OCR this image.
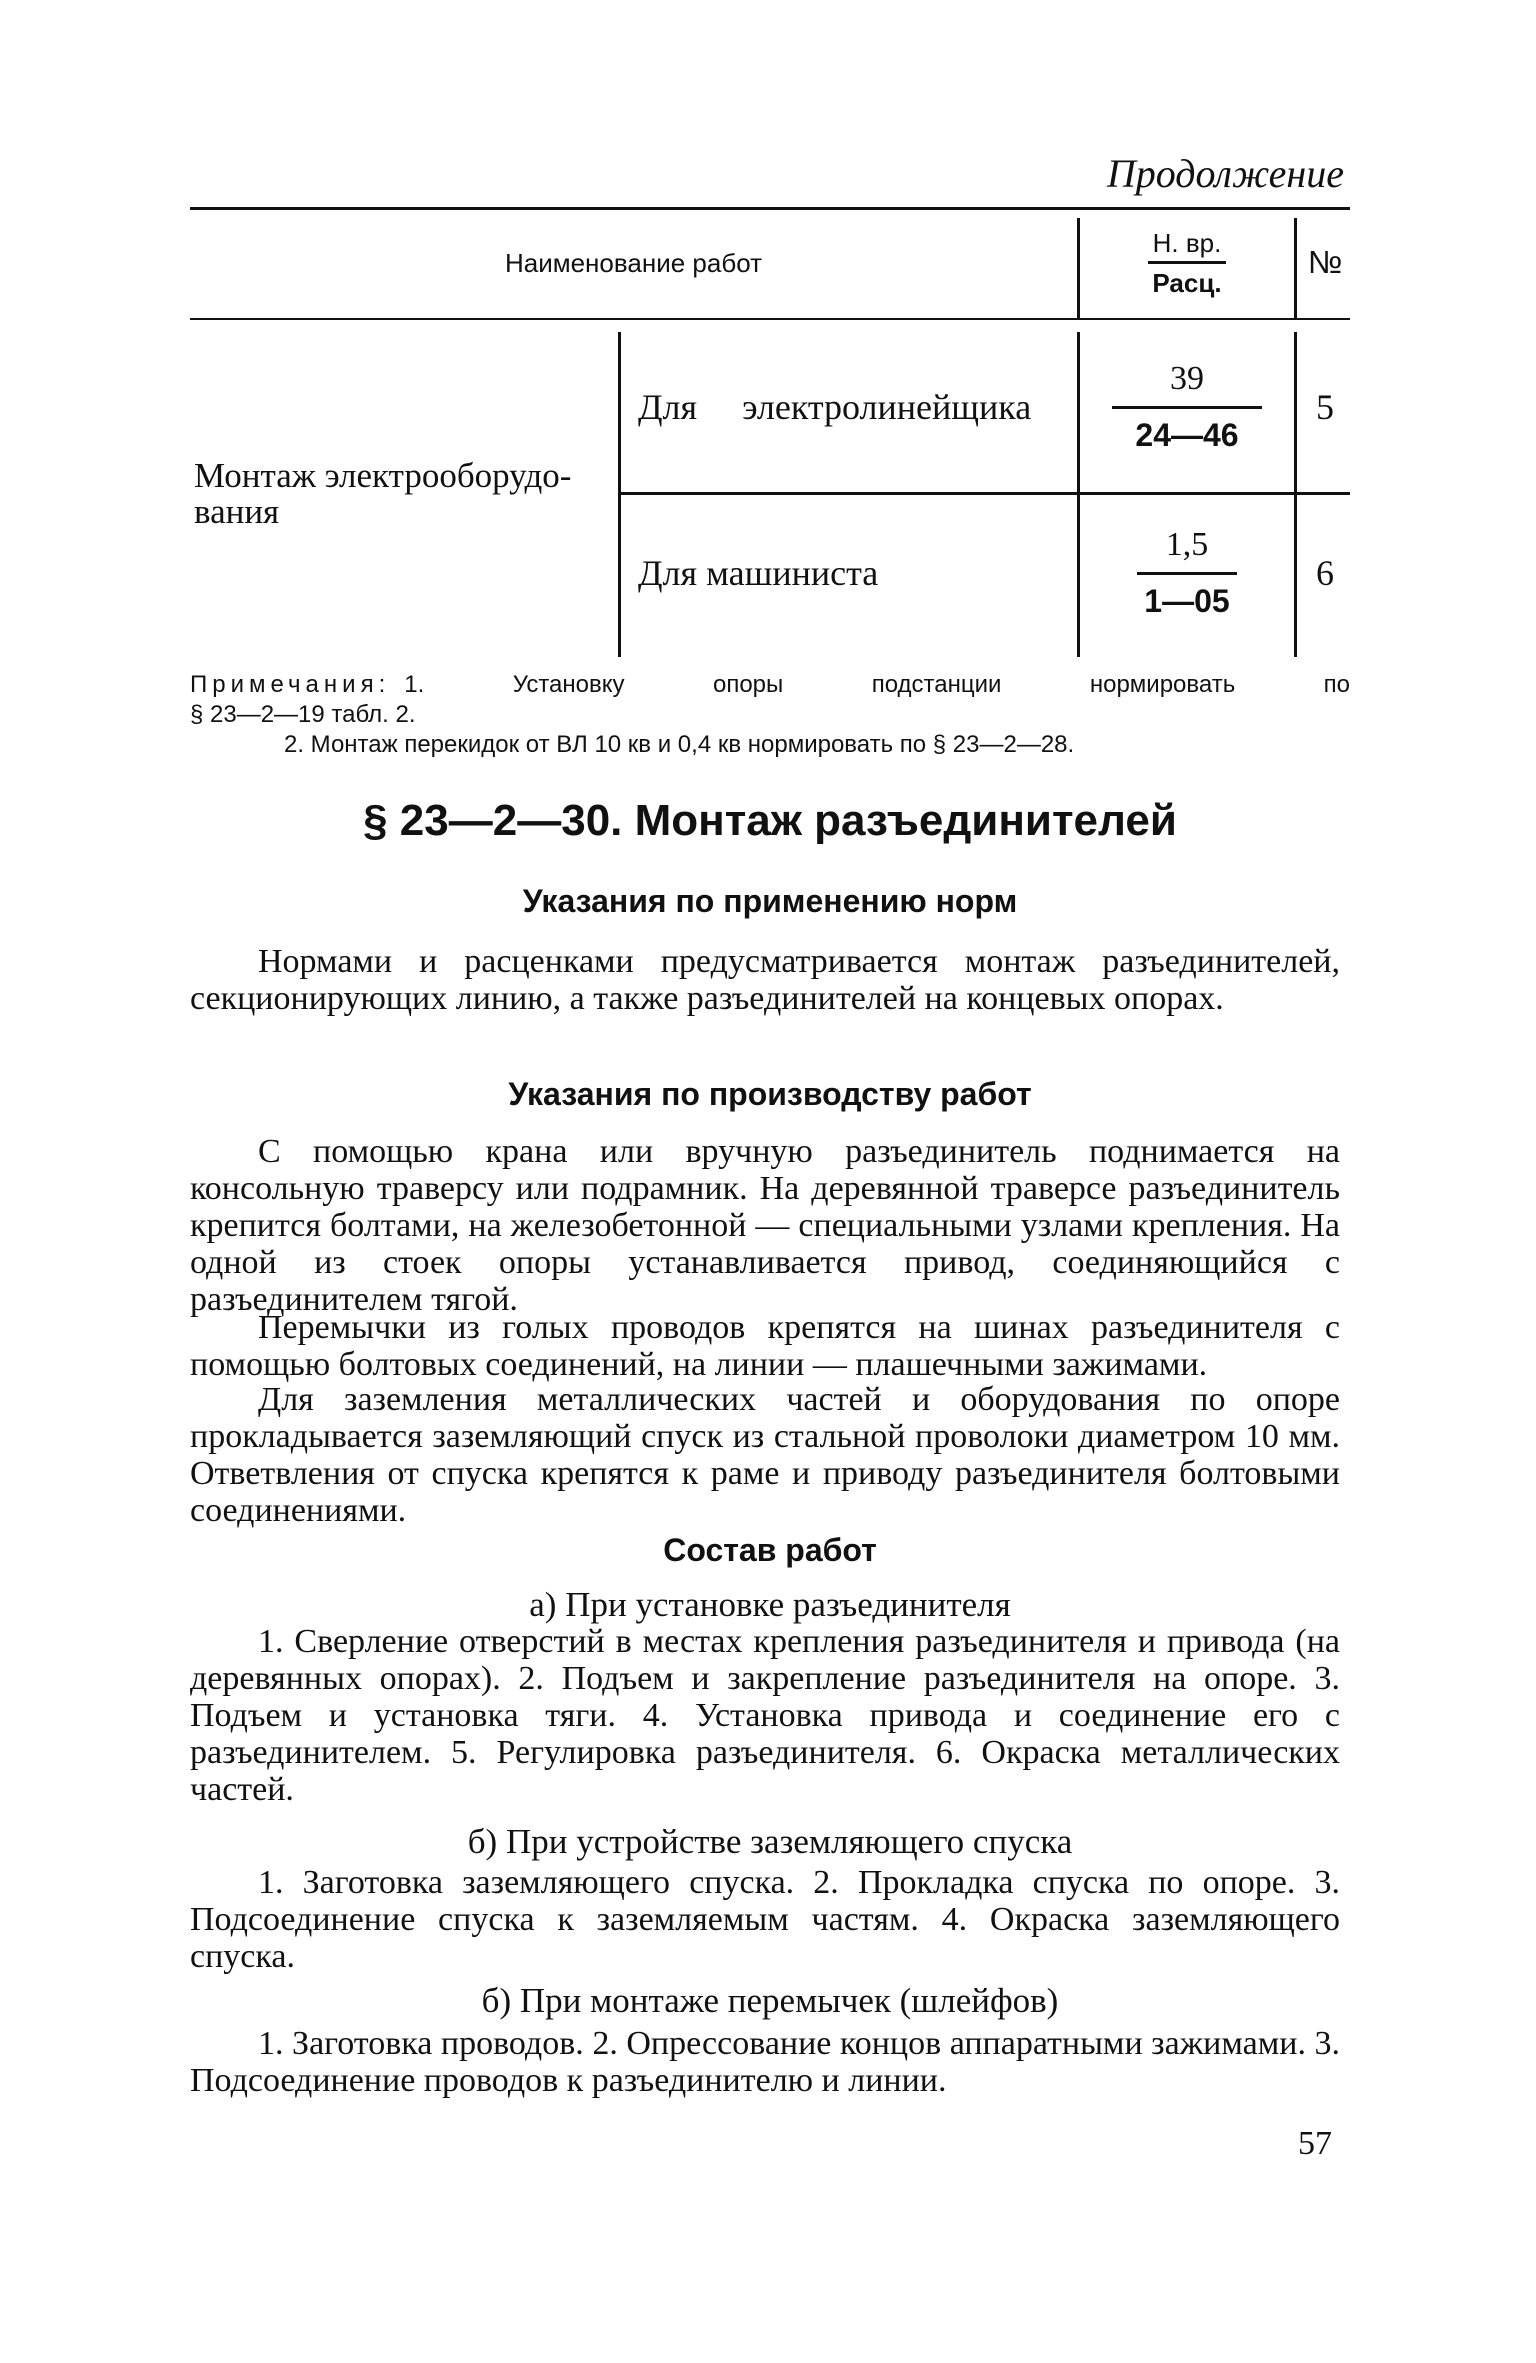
Продолжение
Наименование работ
Н. вр.
Расц.
№
Монтаж электрооборудо- вания
Для электролинейщика
39
24—46
5
Для машиниста
1,5
1—05
6

Примечания: 1. Установку опоры подстанции нормировать по

§ 23—2—19 табл. 2.

2. Монтаж перекидок от ВЛ 10 кв и 0,4 кв нормировать по § 23—2—28.

§ 23—2—30. Монтаж разъединителей
Указания по применению норм

Нормами и расценками предусматривается монтаж разъединителей, секционирующих линию, а также разъединителей на концевых опорах.

Указания по производству работ

С помощью крана или вручную разъединитель поднимается на консольную траверсу или подрамник. На деревянной траверсе разъединитель крепится болтами, на железобетонной — специальными узлами крепления. На одной из стоек опоры устанавливается привод, соединяющийся с разъединителем тягой.

Перемычки из голых проводов крепятся на шинах разъединителя с помощью болтовых соединений, на линии — плашечными зажимами.

Для заземления металлических частей и оборудования по опоре прокладывается заземляющий спуск из стальной проволоки диаметром 10 мм. Ответвления от спуска крепятся к раме и приводу разъединителя болтовыми соединениями.

Состав работ

а) При установке разъединителя

1. Сверление отверстий в местах крепления разъединителя и привода (на деревянных опорах). 2. Подъем и закрепление разъединителя на опоре. 3. Подъем и установка тяги. 4. Установка привода и соединение его с разъединителем. 5. Регулировка разъединителя. 6. Окраска металлических частей.

б) При устройстве заземляющего спуска

1. Заготовка заземляющего спуска. 2. Прокладка спуска по опоре. 3. Подсоединение спуска к заземляемым частям. 4. Окраска заземляющего спуска.

б) При монтаже перемычек (шлейфов)

1. Заготовка проводов. 2. Опрессование концов аппаратными зажимами. 3. Подсоединение проводов к разъединителю и линии.

57
